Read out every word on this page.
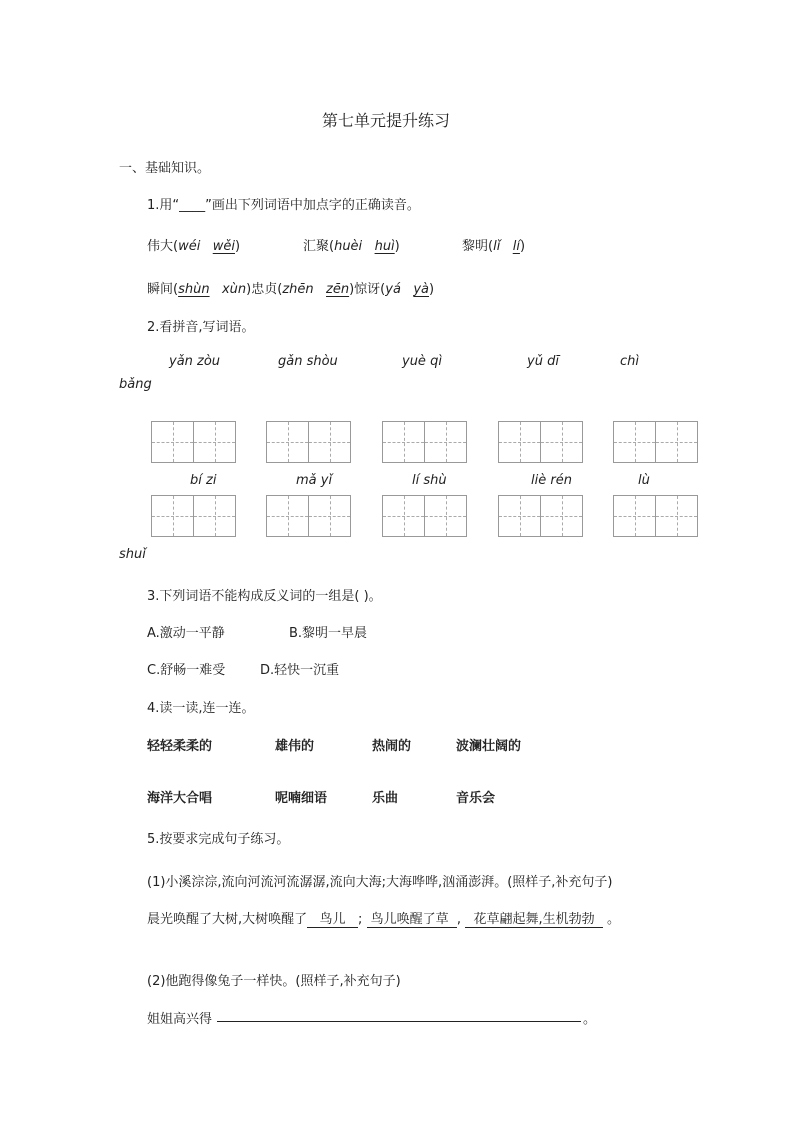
第七单元提升练习
一、基础知识。
1.用“____”画出下列词语中加点字的正确读音。
伟大(wéi wěi)	汇聚(huèi huì)	黎明(lǐ lí)
瞬间(shùn xùn)忠贞(zhēn zēn)惊讶(yá yà)
2.看拼音,写词语。
yǎn zòu	gǎn shòu	yuè qì	yǔ dī	chì
bǎng
bí zi	mǎ yǐ	lí shù	liè rén	lù
shuǐ
3.下列词语不能构成反义词的一组是( )。
A.激动一平静	B.黎明一早晨
C.舒畅一难受	D.轻快一沉重
4.读一读,连一连。
轻轻柔柔的	雄伟的	热闹的	波澜壮阔的
海洋大合唱	呢喃细语	乐曲	音乐会
5.按要求完成句子练习。
(1)小溪淙淙,流向河流河流潺潺,流向大海;大海哗哗,汹涌澎湃。(照样子,补充句子)
晨光唤醒了大树,大树唤醒了 鸟儿 ; 鸟儿唤醒了草 , 花草翩起舞,生机勃勃 。
(2)他跑得像兔子一样快。(照样子,补充句子)
姐姐高兴得	。
